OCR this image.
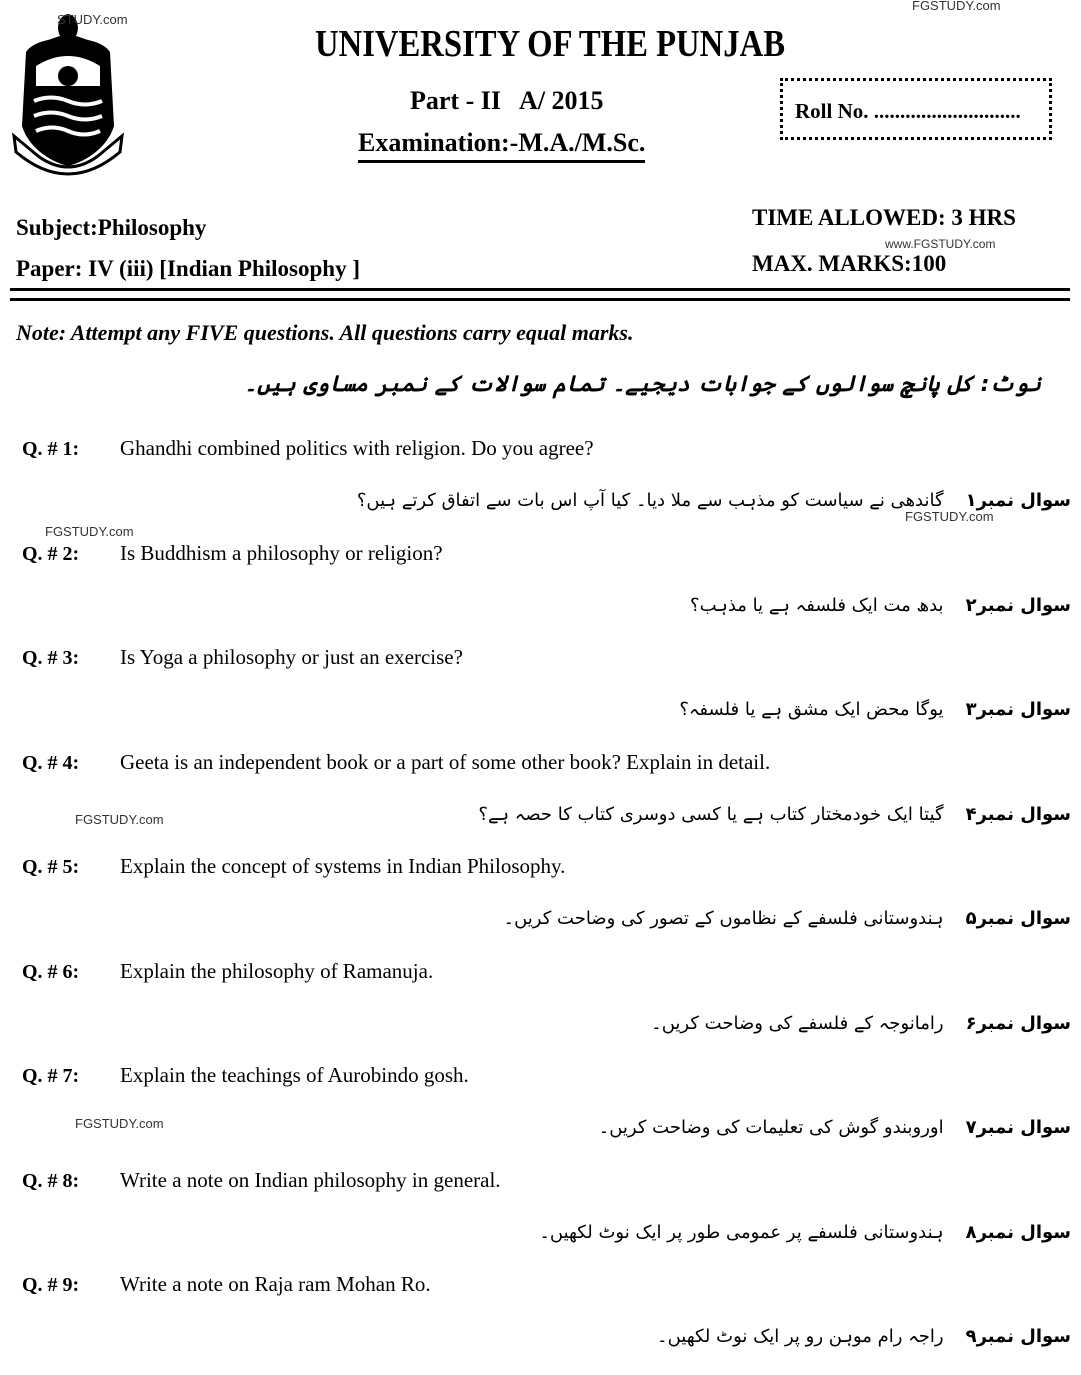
STUDY.com
FGSTUDY.com
www.FGSTUDY.com
FGSTUDY.com
FGSTUDY.com
FGSTUDY.com
FGSTUDY.com
UNIVERSITY OF THE PUNJAB
Part - II   A/ 2015
Examination:-M.A./M.Sc.
Roll No. ............................
Subject:Philosophy
Paper: IV (iii) [Indian Philosophy ]
TIME ALLOWED: 3 HRS
MAX. MARKS:100
Note: Attempt any FIVE questions. All questions carry equal marks.
نوٹ: کل پانچ سوالوں کے جوابات دیجیے۔ تمام سوالات کے نمبر مساوی ہیں۔
Q. # 1: Ghandhi combined politics with religion. Do you agree?
سوال نمبر۱گاندھی نے سیاست کو مذہب سے ملا دیا۔ کیا آپ اس بات سے اتفاق کرتے ہیں؟
Q. # 2: Is Buddhism a philosophy or religion?
سوال نمبر۲بدھ مت ایک فلسفہ ہے یا مذہب؟
Q. # 3: Is Yoga a philosophy or just an exercise?
سوال نمبر۳یوگا محض ایک مشق ہے یا فلسفہ؟
Q. # 4: Geeta is an independent book or a part of some other book? Explain in detail.
سوال نمبر۴گیتا ایک خودمختار کتاب ہے یا کسی دوسری کتاب کا حصہ ہے؟
Q. # 5: Explain the concept of systems in Indian Philosophy.
سوال نمبر۵ہندوستانی فلسفے کے نظاموں کے تصور کی وضاحت کریں۔
Q. # 6: Explain the philosophy of Ramanuja.
سوال نمبر۶رامانوجہ کے فلسفے کی وضاحت کریں۔
Q. # 7: Explain the teachings of Aurobindo gosh.
سوال نمبر۷اوروبندو گوش کی تعلیمات کی وضاحت کریں۔
Q. # 8: Write a note on Indian philosophy in general.
سوال نمبر۸ہندوستانی فلسفے پر عمومی طور پر ایک نوٹ لکھیں۔
Q. # 9: Write a note on Raja ram Mohan Ro.
سوال نمبر۹راجہ رام موہن رو پر ایک نوٹ لکھیں۔
